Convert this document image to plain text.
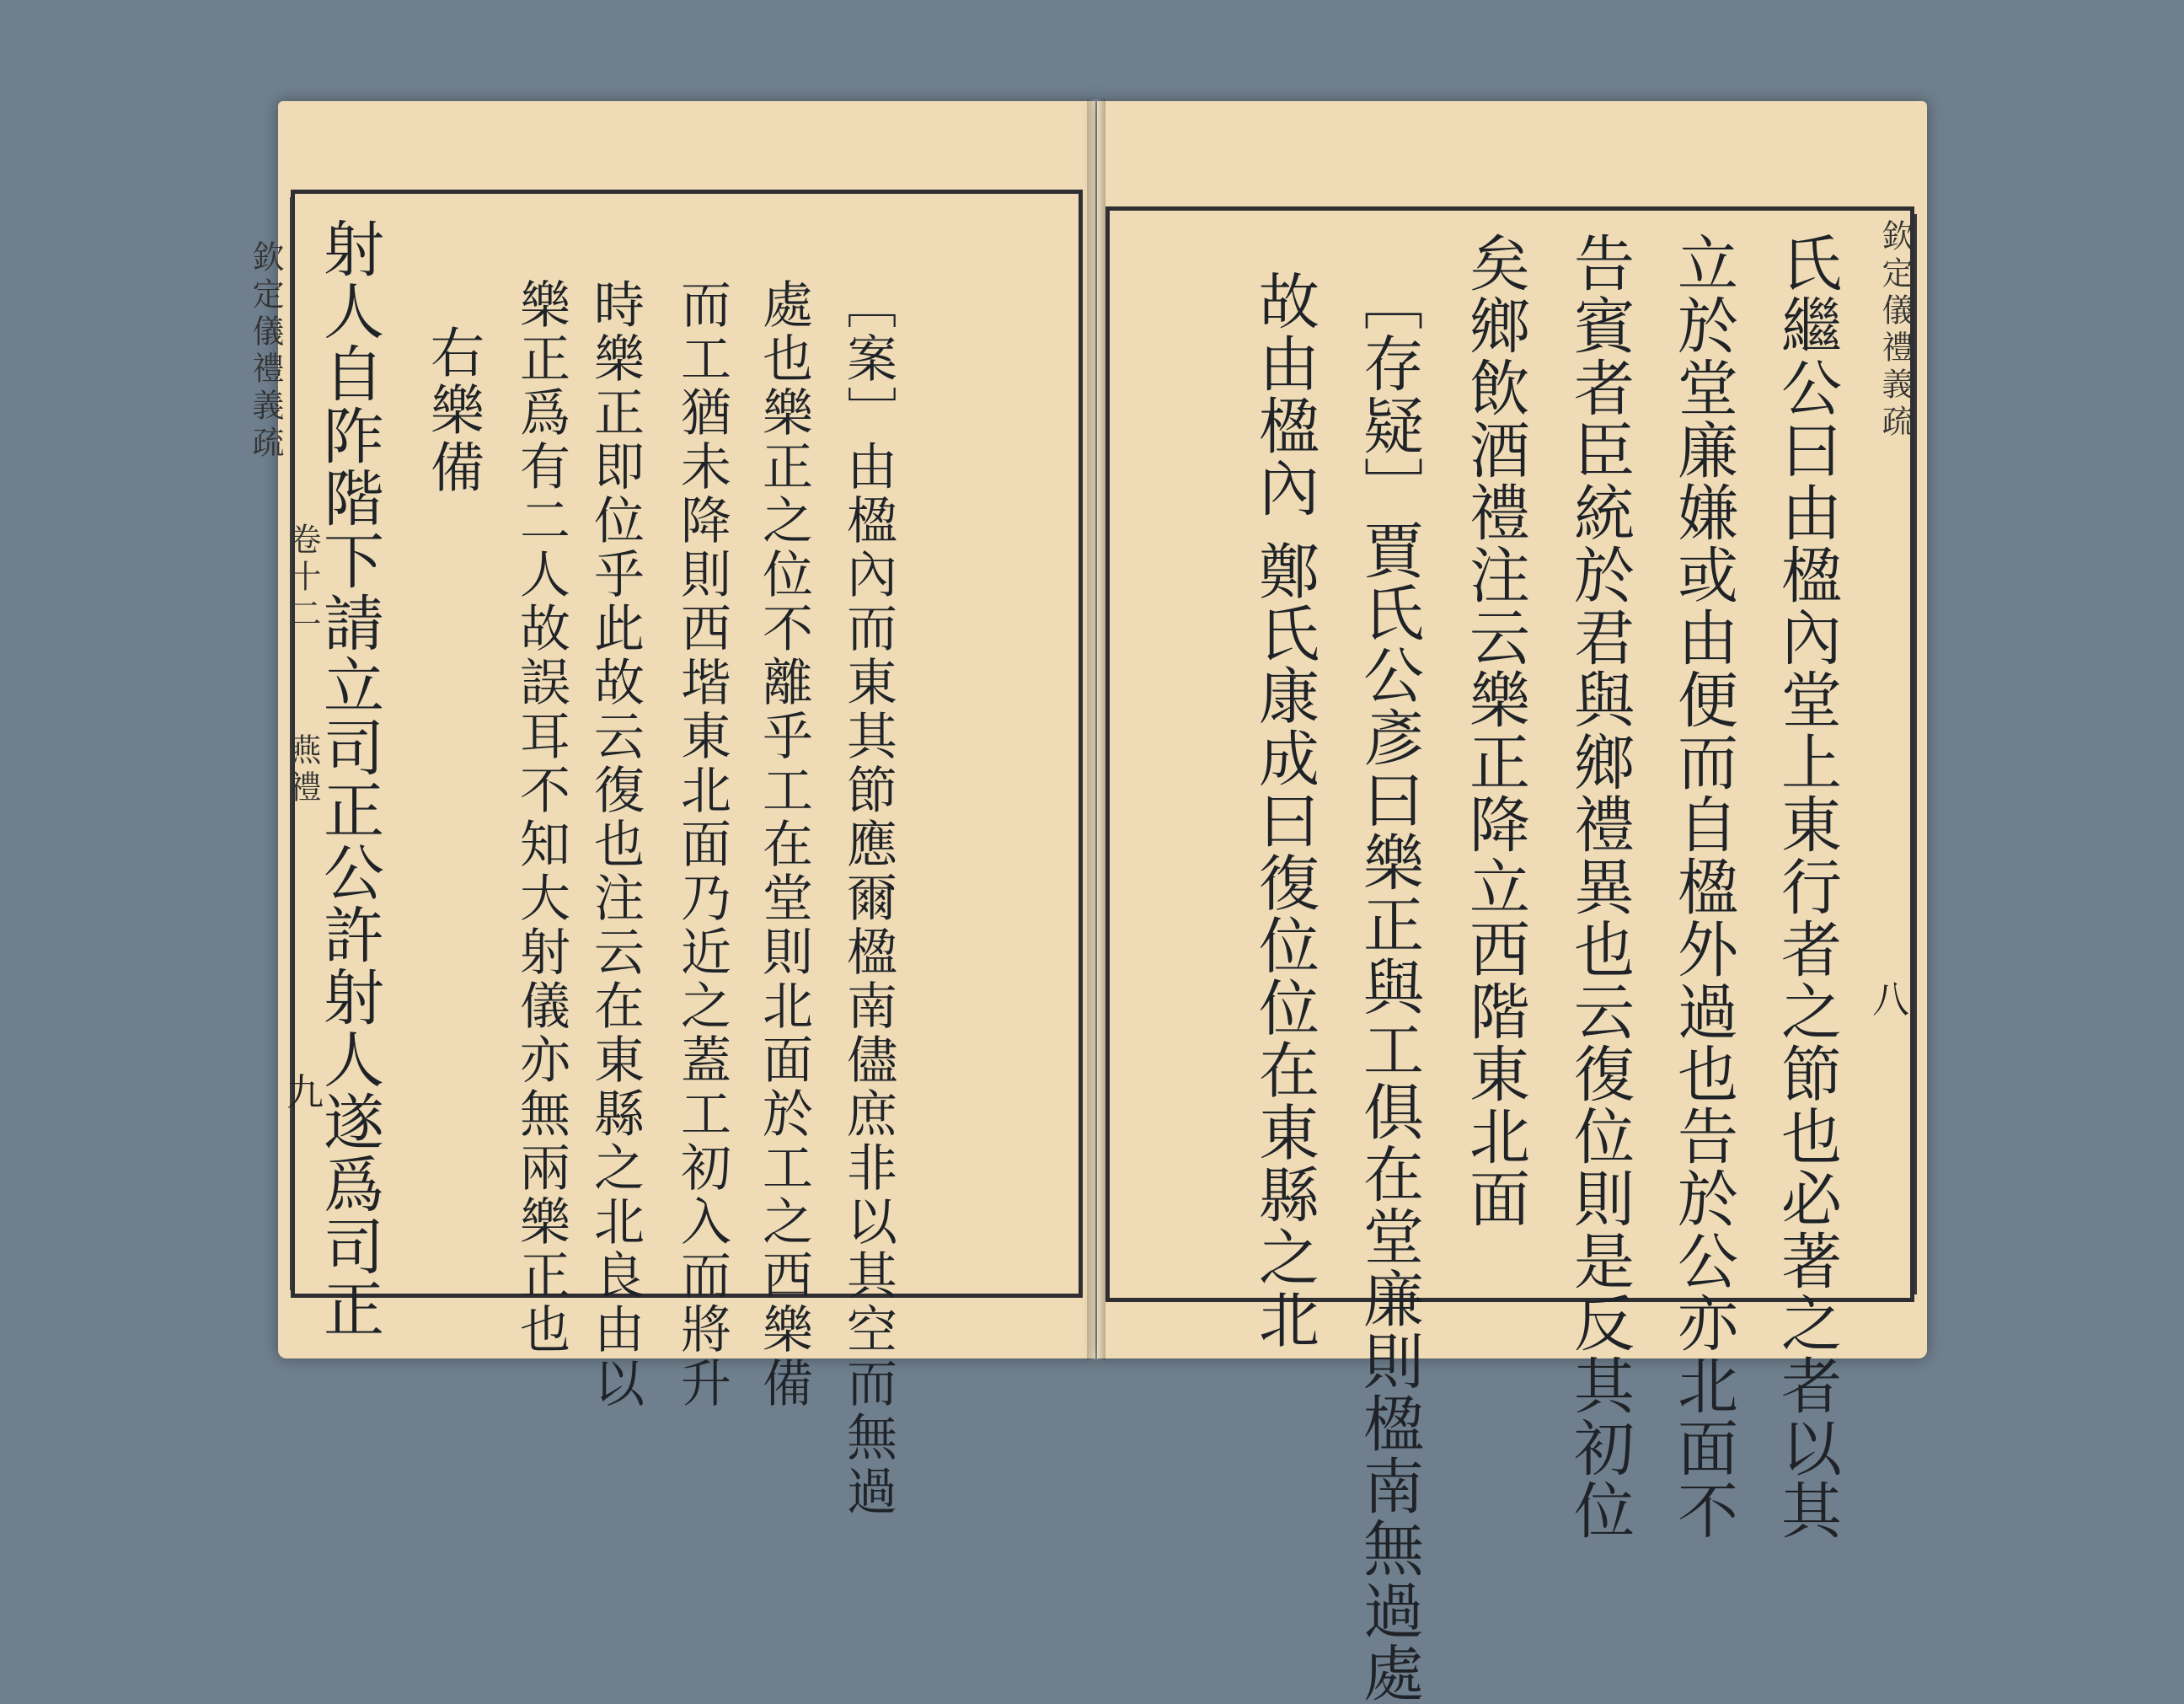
欽定儀禮義疏
卷十二
燕禮
九
射人自阼階下請立司正公許射人遂爲司正 右樂備 樂正爲有二人故誤耳不知大射儀亦無兩樂正也 時樂正即位乎此故云復也注云在東縣之北良由以 而工猶未降則西堦東北面乃近之蓋工初入而將升 處也樂正之位不離乎工在堂則北面於工之西樂備 ［案］由楹內而東其節應爾楹南儘庶非以其空而無過	欽定儀禮義疏
八
氏繼公曰由楹內堂上東行者之節也必著之者以其
立於堂廉嫌或由便而自楹外過也告於公亦北面不
告賓者臣統於君與鄉禮異也云復位則是反其初位
矣鄉飲酒禮注云樂正降立西階東北面
［存疑］賈氏公彥曰樂正與工俱在堂廉則楹南無過處
故由楹內 鄭氏康成曰復位位在東縣之北
